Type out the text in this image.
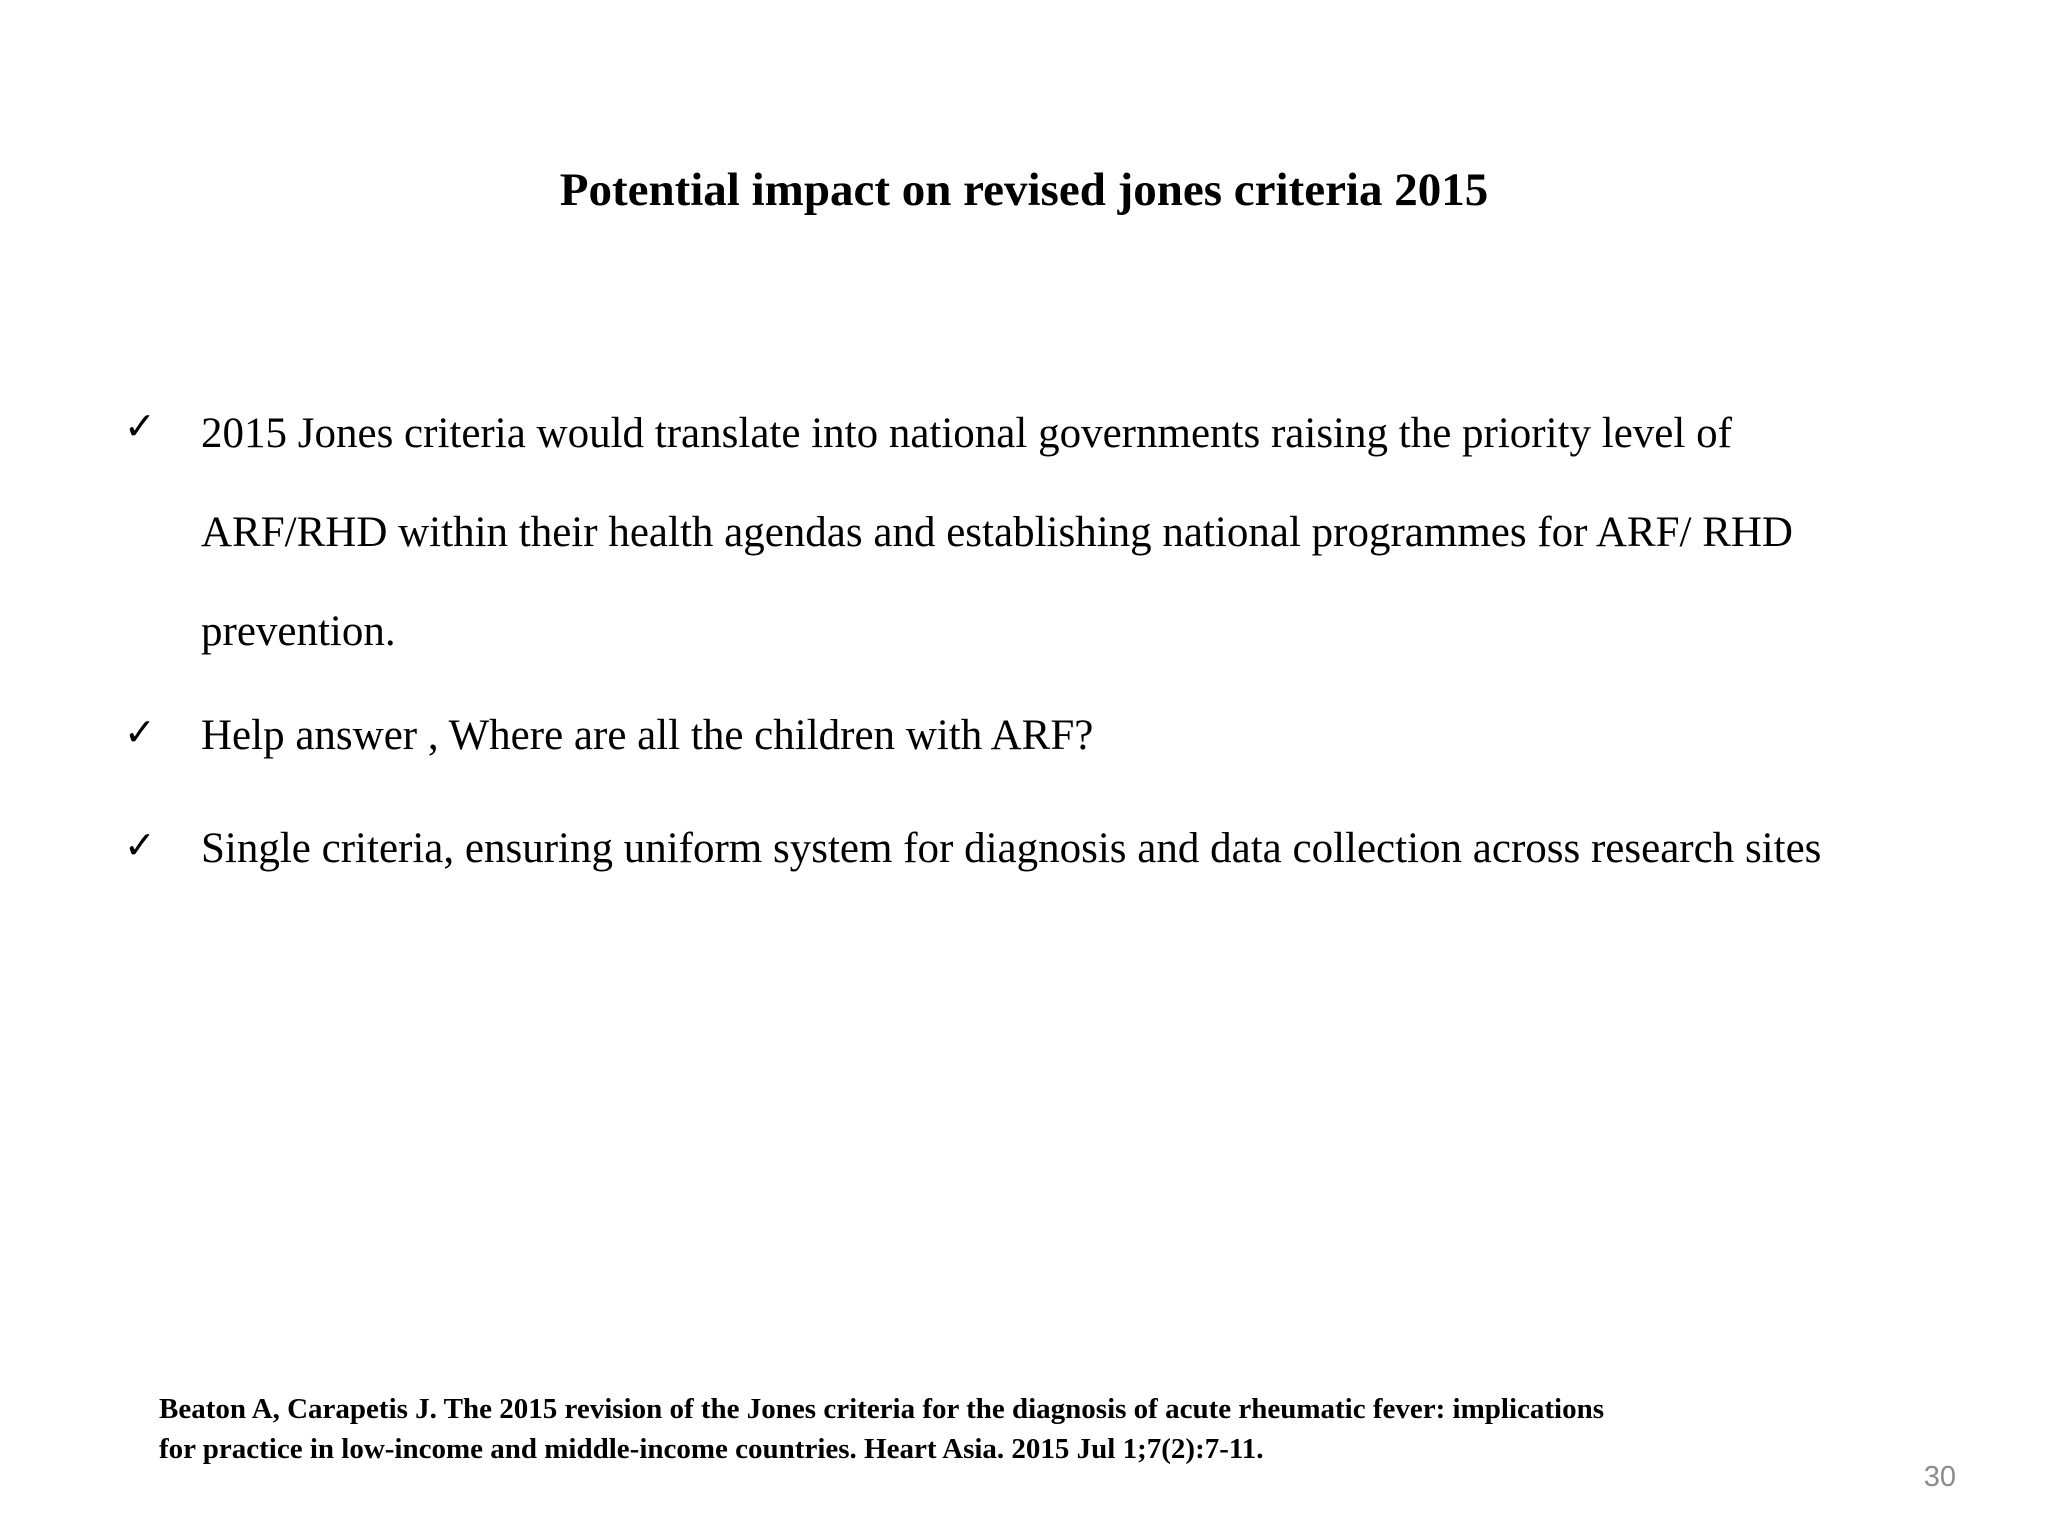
Potential impact on revised jones criteria 2015
✓ 2015 Jones criteria would translate into national governments raising the priority level of
ARF/RHD within their health agendas and establishing national programmes for ARF/ RHD
prevention.
✓ Help answer , Where are all the children with ARF?
✓ Single criteria, ensuring uniform system for diagnosis and data collection across research sites
Beaton A, Carapetis J. The 2015 revision of the Jones criteria for the diagnosis of acute rheumatic fever: implications
for practice in low-income and middle-income countries. Heart Asia. 2015 Jul 1;7(2):7-11.
30
